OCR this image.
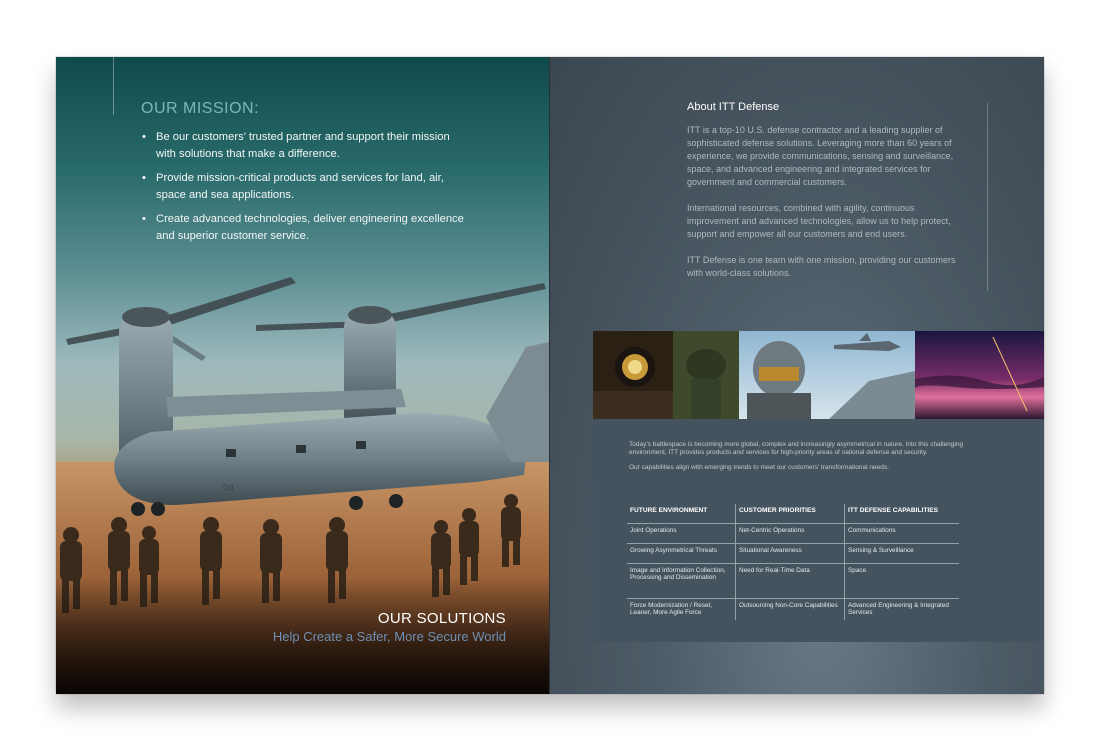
04
OUR MISSION:
• Be our customers’ trusted partner and support their mission with solutions that make a difference.
• Provide mission-critical products and services for land, air, space and sea applications.
• Create advanced technologies, deliver engineering excellence and superior customer service.
OUR SOLUTIONS
Help Create a Safer, More Secure World
About ITT Defense

ITT is a top-10 U.S. defense contractor and a leading supplier of sophisticated defense solutions. Leveraging more than 60 years of experience, we provide communications, sensing and surveillance, space, and advanced engineering and integrated services for government and commercial customers.

International resources, combined with agility, continuous improvement and advanced technologies, allow us to help protect, support and empower all our customers and end users.

ITT Defense is one team with one mission, providing our customers with world-class solutions.

Today’s battlespace is becoming more global, complex and increasingly asymmetrical in nature. Into this challenging environment, ITT provides products and services for high-priority areas of national defense and security.

Our capabilities align with emerging trends to meet our customers’ transformational needs.

FUTURE ENVIRONMENT	CUSTOMER PRIORITIES	ITT DEFENSE CAPABILITIES
Joint Operations	Net-Centric Operations	Communications
Growing Asymmetrical Threats	Situational Awareness	Sensing & Surveillance
Image and Information Collection, Processing and Dissemination	Need for Real-Time Data	Space
Force Modernization / Reset, Leaner, More Agile Force	Outsourcing Non-Core Capabilities	Advanced Engineering & Integrated Services
